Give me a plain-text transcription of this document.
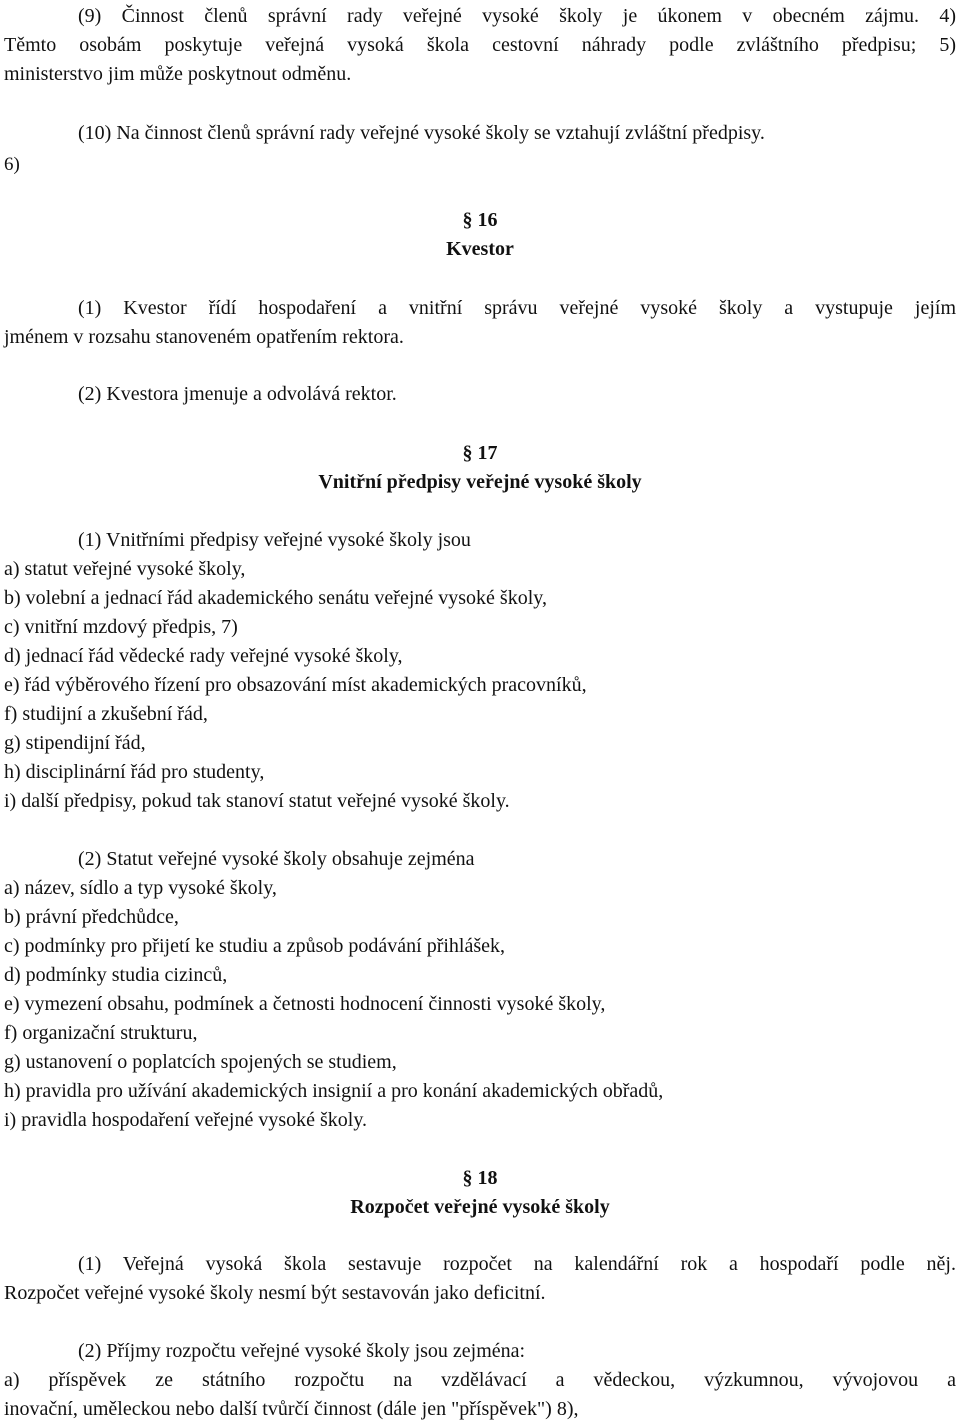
(9) Činnost členů správní rady veřejné vysoké školy je úkonem v obecném zájmu. 4)
Těmto osobám poskytuje veřejná vysoká škola cestovní náhrady podle zvláštního předpisu; 5)
ministerstvo jim může poskytnout odměnu.
(10) Na činnost členů správní rady veřejné vysoké školy se vztahují zvláštní předpisy.
6)
§ 16
Kvestor
(1) Kvestor řídí hospodaření a vnitřní správu veřejné vysoké školy a vystupuje jejím
jménem v rozsahu stanoveném opatřením rektora.
(2) Kvestora jmenuje a odvolává rektor.
§ 17
Vnitřní předpisy veřejné vysoké školy
(1) Vnitřními předpisy veřejné vysoké školy jsou
a) statut veřejné vysoké školy,
b) volební a jednací řád akademického senátu veřejné vysoké školy,
c) vnitřní mzdový předpis, 7)
d) jednací řád vědecké rady veřejné vysoké školy,
e) řád výběrového řízení pro obsazování míst akademických pracovníků,
f) studijní a zkušební řád,
g) stipendijní řád,
h) disciplinární řád pro studenty,
i) další předpisy, pokud tak stanoví statut veřejné vysoké školy.
(2) Statut veřejné vysoké školy obsahuje zejména
a) název, sídlo a typ vysoké školy,
b) právní předchůdce,
c) podmínky pro přijetí ke studiu a způsob podávání přihlášek,
d) podmínky studia cizinců,
e) vymezení obsahu, podmínek a četnosti hodnocení činnosti vysoké školy,
f) organizační strukturu,
g) ustanovení o poplatcích spojených se studiem,
h) pravidla pro užívání akademických insignií a pro konání akademických obřadů,
i) pravidla hospodaření veřejné vysoké školy.
§ 18
Rozpočet veřejné vysoké školy
(1) Veřejná vysoká škola sestavuje rozpočet na kalendářní rok a hospodaří podle něj.
Rozpočet veřejné vysoké školy nesmí být sestavován jako deficitní.
(2) Příjmy rozpočtu veřejné vysoké školy jsou zejména:
a) příspěvek ze státního rozpočtu na vzdělávací a vědeckou, výzkumnou, vývojovou a
inovační, uměleckou nebo další tvůrčí činnost (dále jen "příspěvek") 8),
